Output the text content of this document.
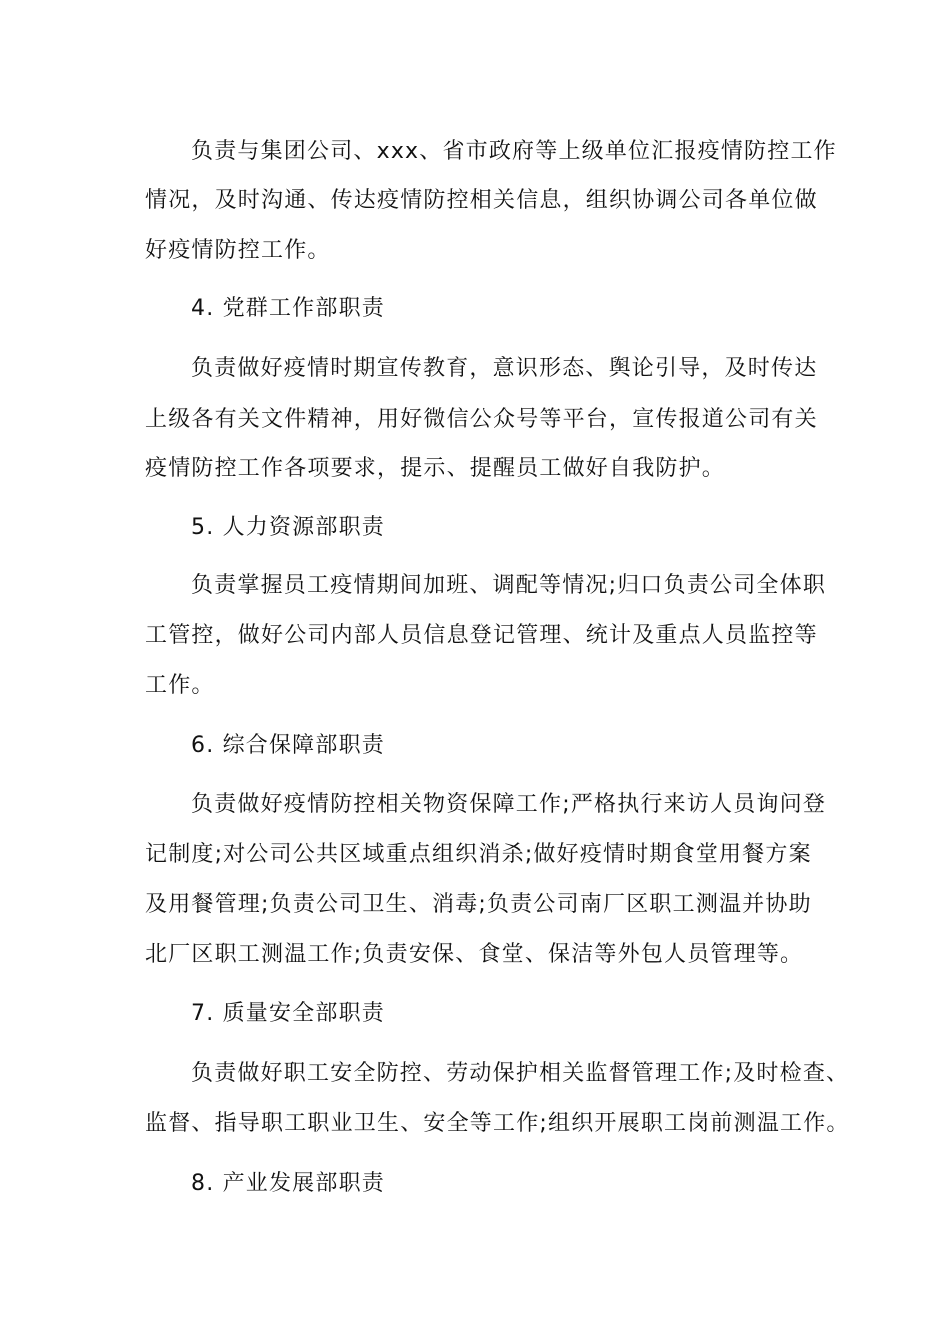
负责与集团公司、xxx、省市政府等上级单位汇报疫情防控工作
情况，及时沟通、传达疫情防控相关信息，组织协调公司各单位做
好疫情防控工作。
4. 党群工作部职责
负责做好疫情时期宣传教育，意识形态、舆论引导，及时传达
上级各有关文件精神，用好微信公众号等平台，宣传报道公司有关
疫情防控工作各项要求，提示、提醒员工做好自我防护。
5. 人力资源部职责
负责掌握员工疫情期间加班、调配等情况;归口负责公司全体职
工管控，做好公司内部人员信息登记管理、统计及重点人员监控等
工作。
6. 综合保障部职责
负责做好疫情防控相关物资保障工作;严格执行来访人员询问登
记制度;对公司公共区域重点组织消杀;做好疫情时期食堂用餐方案
及用餐管理;负责公司卫生、消毒;负责公司南厂区职工测温并协助
北厂区职工测温工作;负责安保、食堂、保洁等外包人员管理等。
7. 质量安全部职责
负责做好职工安全防控、劳动保护相关监督管理工作;及时检查、
监督、指导职工职业卫生、安全等工作;组织开展职工岗前测温工作。
8. 产业发展部职责
